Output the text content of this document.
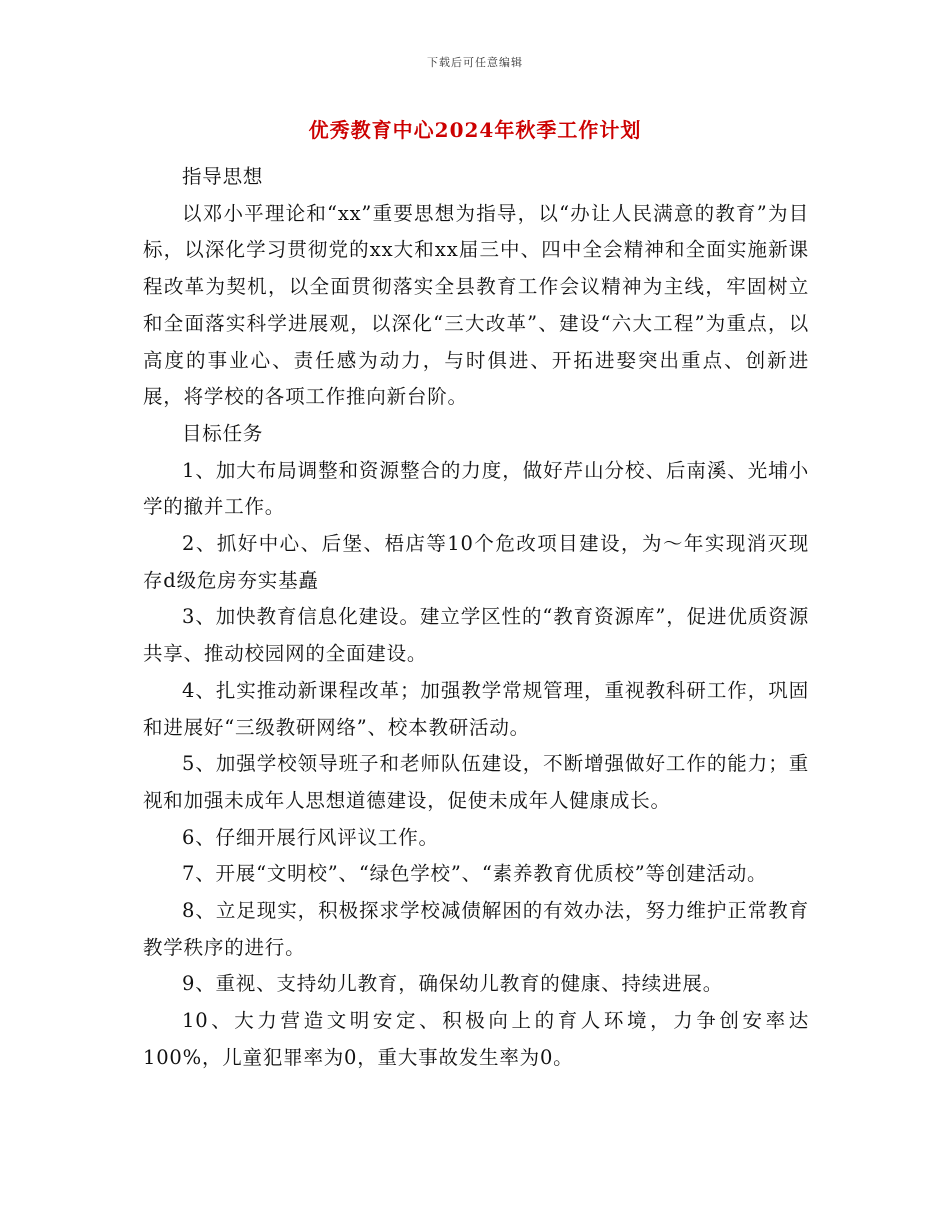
下载后可任意编辑
优秀教育中心2024年秋季工作计划

指导思想

以邓小平理论和“xx”重要思想为指导，以“办让人民满意的教育”为目标，以深化学习贯彻党的xx大和xx届三中、四中全会精神和全面实施新课程改革为契机，以全面贯彻落实全县教育工作会议精神为主线，牢固树立和全面落实科学进展观，以深化“三大改革”、建设“六大工程”为重点，以高度的事业心、责任感为动力，与时俱进、开拓进娶突出重点、创新进展，将学校的各项工作推向新台阶。

目标任务

1、加大布局调整和资源整合的力度，做好芹山分校、后南溪、光埔小学的撤并工作。

2、抓好中心、后堡、梧店等10个危改项目建设，为～年实现消灭现存d级危房夯实基矗

3、加快教育信息化建设。建立学区性的“教育资源库”，促进优质资源共享、推动校园网的全面建设。

4、扎实推动新课程改革；加强教学常规管理，重视教科研工作，巩固和进展好“三级教研网络”、校本教研活动。

5、加强学校领导班子和老师队伍建设，不断增强做好工作的能力；重视和加强未成年人思想道德建设，促使未成年人健康成长。

6、仔细开展行风评议工作。

7、开展“文明校”、“绿色学校”、“素养教育优质校”等创建活动。

8、立足现实，积极探求学校减债解困的有效办法，努力维护正常教育教学秩序的进行。

9、重视、支持幼儿教育，确保幼儿教育的健康、持续进展。

10、大力营造文明安定、积极向上的育人环境，力争创安率达100%，儿童犯罪率为0，重大事故发生率为0。
